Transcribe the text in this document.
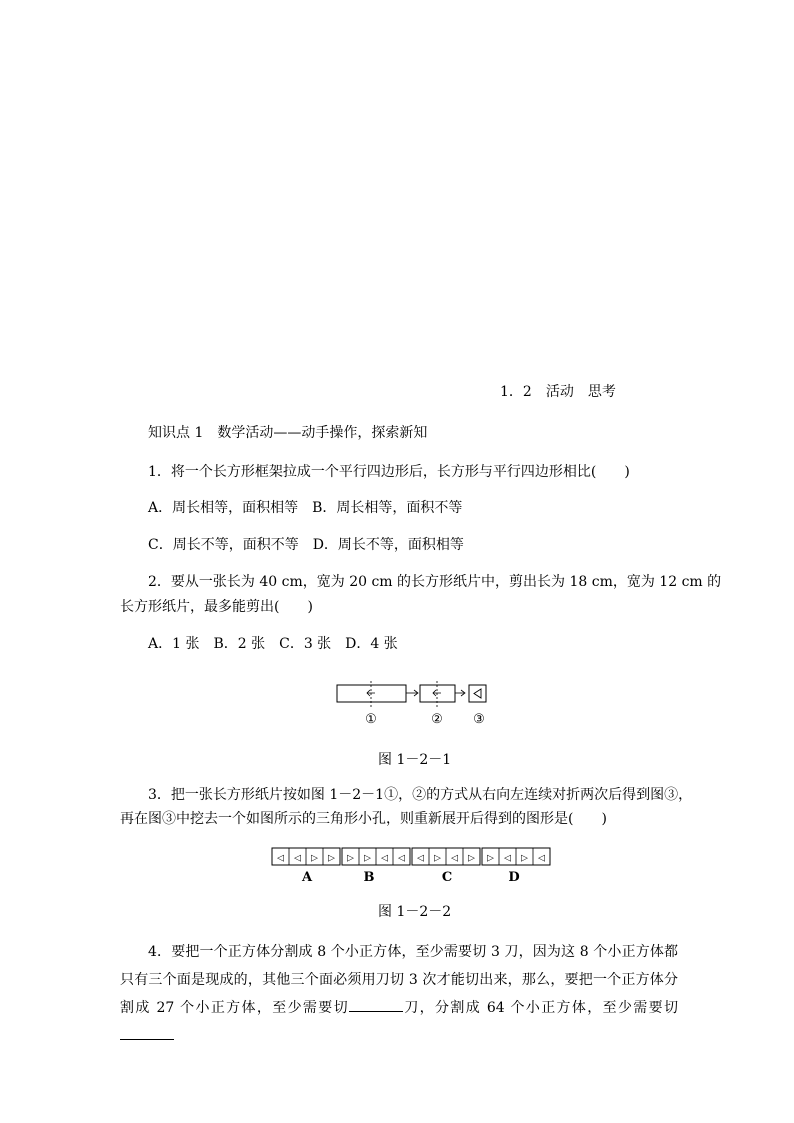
1．2　活动　思考
知识点 1　数学活动——动手操作，探索新知
1．将一个长方形框架拉成一个平行四边形后，长方形与平行四边形相比(　　)
A．周长相等，面积相等　B．周长相等，面积不等
C．周长不等，面积不等　D．周长不等，面积相等
2．要从一张长为 40 cm，宽为 20 cm 的长方形纸片中，剪出长为 18 cm，宽为 12 cm 的
长方形纸片，最多能剪出(　　)
A．1 张　B．2 张　C．3 张　D．4 张
①	② ③
图 1－2－1
3．把一张长方形纸片按如图 1－2－1①，②的方式从右向左连续对折两次后得到图③，
再在图③中挖去一个如图所示的三角形小孔，则重新展开后得到的图形是(　　)
◁ ◁ ▷ ▷
A
▷ ▷ ◁ ◁
B
◁ ▷ ◁ ▷
C
▷ ◁ ▷ ◁
D
图 1－2－2
4．要把一个正方体分割成 8 个小正方体，至少需要切 3 刀，因为这 8 个小正方体都只有三个面是现成的，其他三个面必须用刀切 3 次才能切出来，那么，要把一个正方体分割成 27 个小正方体，至少需要切	刀，分割成 64 个小正方体，至少需要切
